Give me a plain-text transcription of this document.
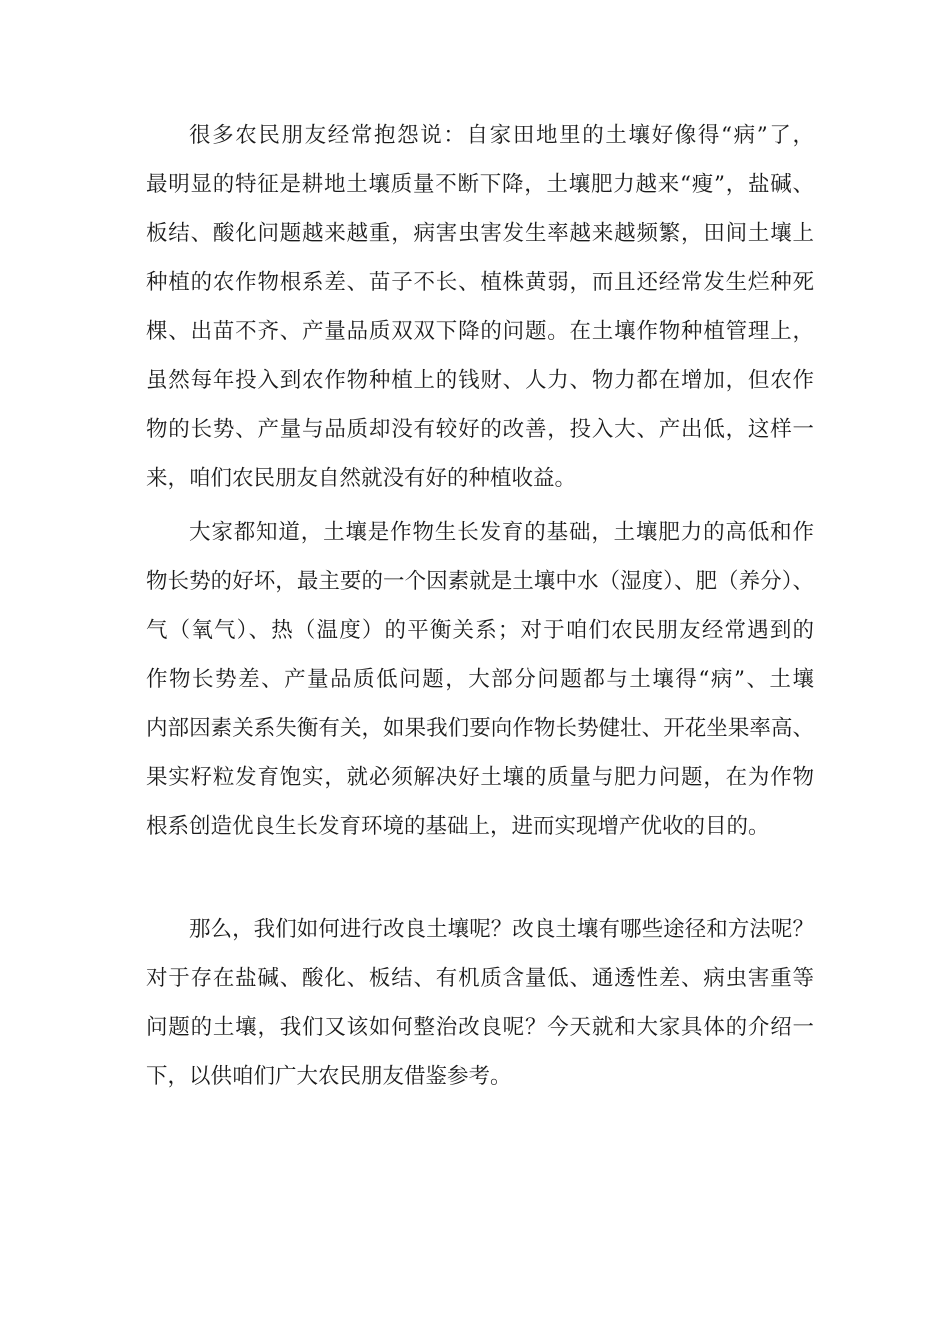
很多农民朋友经常抱怨说：自家田地里的土壤好像得“病”了，
最明显的特征是耕地土壤质量不断下降，土壤肥力越来“瘦”，盐碱、
板结、酸化问题越来越重，病害虫害发生率越来越频繁，田间土壤上
种植的农作物根系差、苗子不长、植株黄弱，而且还经常发生烂种死
棵、出苗不齐、产量品质双双下降的问题。在土壤作物种植管理上，
虽然每年投入到农作物种植上的钱财、人力、物力都在增加，但农作
物的长势、产量与品质却没有较好的改善，投入大、产出低，这样一
来，咱们农民朋友自然就没有好的种植收益。
大家都知道，土壤是作物生长发育的基础，土壤肥力的高低和作
物长势的好坏，最主要的一个因素就是土壤中水（湿度）、肥（养分）、
气（氧气）、热（温度）的平衡关系；对于咱们农民朋友经常遇到的
作物长势差、产量品质低问题，大部分问题都与土壤得“病”、土壤
内部因素关系失衡有关，如果我们要向作物长势健壮、开花坐果率高、
果实籽粒发育饱实，就必须解决好土壤的质量与肥力问题，在为作物
根系创造优良生长发育环境的基础上，进而实现增产优收的目的。
那么，我们如何进行改良土壤呢？改良土壤有哪些途径和方法呢？
对于存在盐碱、酸化、板结、有机质含量低、通透性差、病虫害重等
问题的土壤，我们又该如何整治改良呢？今天就和大家具体的介绍一
下，以供咱们广大农民朋友借鉴参考。
